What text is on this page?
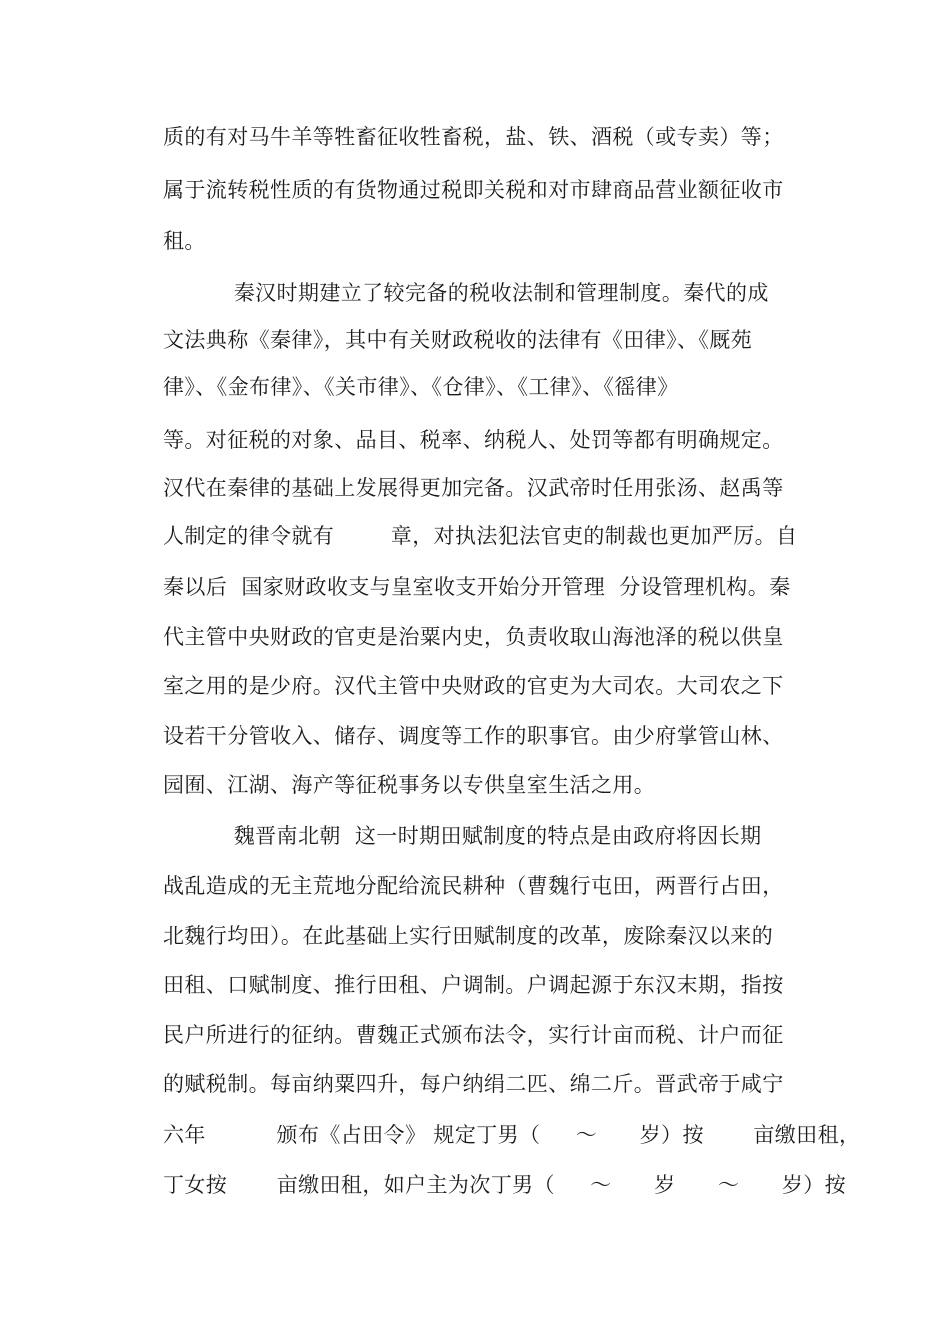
质的有对马牛羊等牲畜征收牲畜税，盐、铁、酒税（或专卖）等；
属于流转税性质的有货物通过税即关税和对市肆商品营业额征收市
租。
秦汉时期建立了较完备的税收法制和管理制度。秦代的成
文法典称《秦律》，其中有关财政税收的法律有《田律》、《厩苑
律》、《金布律》、《关市律》、《仓律》、《工律》、《徭律》
等。对征税的对象、品目、税率、纳税人、处罚等都有明确规定。
汉代在秦律的基础上发展得更加完备。汉武帝时任用张汤、赵禹等
人制定的律令就有        章，对执法犯法官吏的制裁也更加严厉。自
秦以后  国家财政收支与皇室收支开始分开管理  分设管理机构。秦
代主管中央财政的官吏是治粟内史，负责收取山海池泽的税以供皇
室之用的是少府。汉代主管中央财政的官吏为大司农。大司农之下
设若干分管收入、储存、调度等工作的职事官。由少府掌管山林、
园囿、江湖、海产等征税事务以专供皇室生活之用。
魏晋南北朝  这一时期田赋制度的特点是由政府将因长期
战乱造成的无主荒地分配给流民耕种（曹魏行屯田，两晋行占田，
北魏行均田）。在此基础上实行田赋制度的改革，废除秦汉以来的
田租、口赋制度、推行田租、户调制。户调起源于东汉末期，指按
民户所进行的征纳。曹魏正式颁布法令，实行计亩而税、计户而征
的赋税制。每亩纳粟四升，每户纳绢二匹、绵二斤。晋武帝于咸宁
六年          颁布《占田令》 规定丁男（     ～      岁）按       亩缴田租，
丁女按       亩缴田租，如户主为次丁男（     ～      岁      ～      岁）按
